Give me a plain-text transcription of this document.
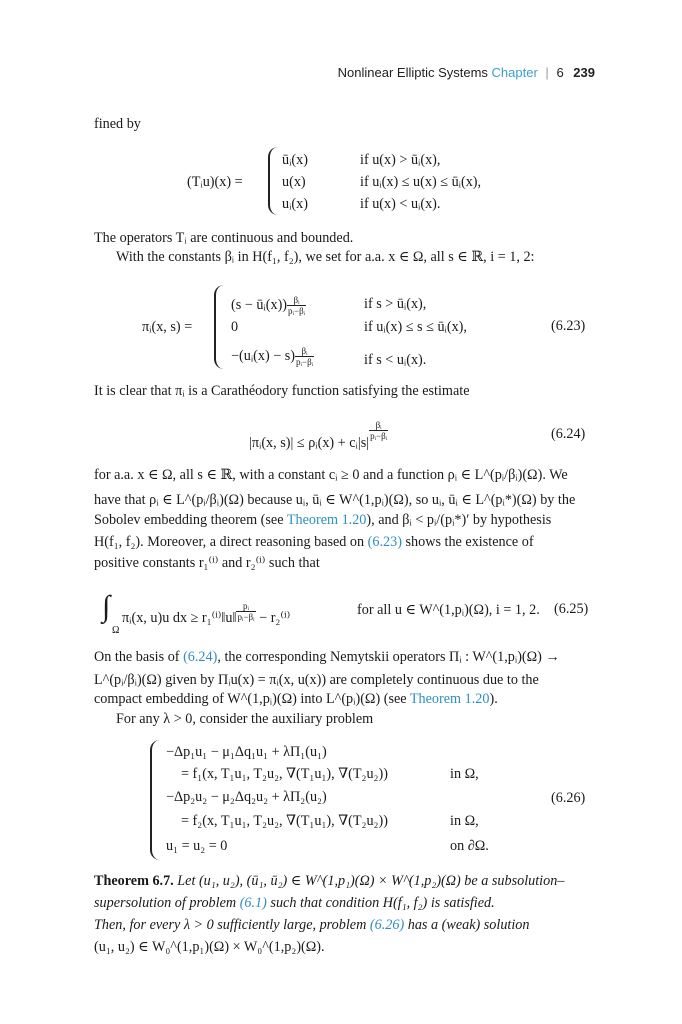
Nonlinear Elliptic Systems Chapter | 6 239
fined by
(Tᵢu)(x) =
ūᵢ(x)	if u(x) > ūᵢ(x),
u(x)	if uᵢ(x) ≤ u(x) ≤ ūᵢ(x),
uᵢ(x)	if u(x) < uᵢ(x).
The operators Tᵢ are continuous and bounded.
With the constants βᵢ in H(f₁, f₂), we set for a.a. x ∈ Ω, all s ∈ ℝ, i = 1, 2:
πᵢ(x, s) =
(s − ūᵢ(x)) $\frac{\text{βᵢ}}{\text{pᵢ−βᵢ}}$	if s > ūᵢ(x),
0	if uᵢ(x) ≤ s ≤ ūᵢ(x),
−(uᵢ(x) − $s) \frac{\text{βᵢ}}{\text{pᵢ−βᵢ}}$	if s < uᵢ(x).
(6.23)
It is clear that πᵢ is a Carathéodory function satisfying the estimate
|πᵢ(x, s)| ≤ ρᵢ(x) + cᵢ|s|
$\frac{\text{βᵢ}}{\text{pᵢ−βᵢ}}$	(6.24)
for a.a. x ∈ Ω, all s ∈ ℝ, with a constant cᵢ ≥ 0 and a function ρᵢ ∈ L^(pᵢ/βᵢ)(Ω). We
have that ρᵢ ∈ L^(pᵢ/βᵢ)(Ω) because uᵢ, ūᵢ ∈ W^(1,pᵢ)(Ω), so uᵢ, ūᵢ ∈ L^(pᵢ*)(Ω) by the
Sobolev embedding theorem (see Theorem 1.20), and βᵢ < pᵢ/(pᵢ*)′ by hypothesis
H(f₁, f₂). Moreover, a direct reasoning based on (6.23) shows the existence of
positive constants r₁⁽ⁱ⁾ and r₂⁽ⁱ⁾ such that
∫
Ω
πᵢ(x, u)u dx ≥ r₁⁽ⁱ⁾‖u‖ $\frac{\text{pᵢ}}{\text{pᵢ−βᵢ}} - r_2^{(i)}$	for all u ∈ W^(1,pᵢ)(Ω), i = 1, 2. (6.25)
On the basis of (6.24), the corresponding Nemytskii operators Πᵢ : W^(1,pᵢ)(Ω) →
L^(pᵢ/βᵢ)(Ω) given by Πᵢu(x) = πᵢ(x, u(x)) are completely continuous due to the
compact embedding of W^(1,pᵢ)(Ω) into L^(pᵢ)(Ω) (see Theorem 1.20).
For any λ > 0, consider the auxiliary problem
−Δp₁u₁ − μ₁Δq₁u₁ + λΠ₁(u₁)
= f₁(x, T₁u₁, T₂u₂, ∇(T₁u₁), ∇(T₂u₂))	in Ω,
−Δp₂u₂ − μ₂Δq₂u₂ + λΠ₂(u₂)
= f₂(x, T₁u₁, T₂u₂, ∇(T₁u₁), ∇(T₂u₂))	in Ω,
u₁ = u₂ = 0	on ∂Ω.
(6.26)
Theorem 6.7. Let (u₁, u₂), (ū₁, ū₂) ∈ W^(1,p₁)(Ω) × W^(1,p₂)(Ω) be a subsolution–
supersolution of problem (6.1) such that condition H(f₁, f₂) is satisfied.
Then, for every λ > 0 sufficiently large, problem (6.26) has a (weak) solution
(u₁, u₂) ∈ W₀^(1,p₁)(Ω) × W₀^(1,p₂)(Ω).
